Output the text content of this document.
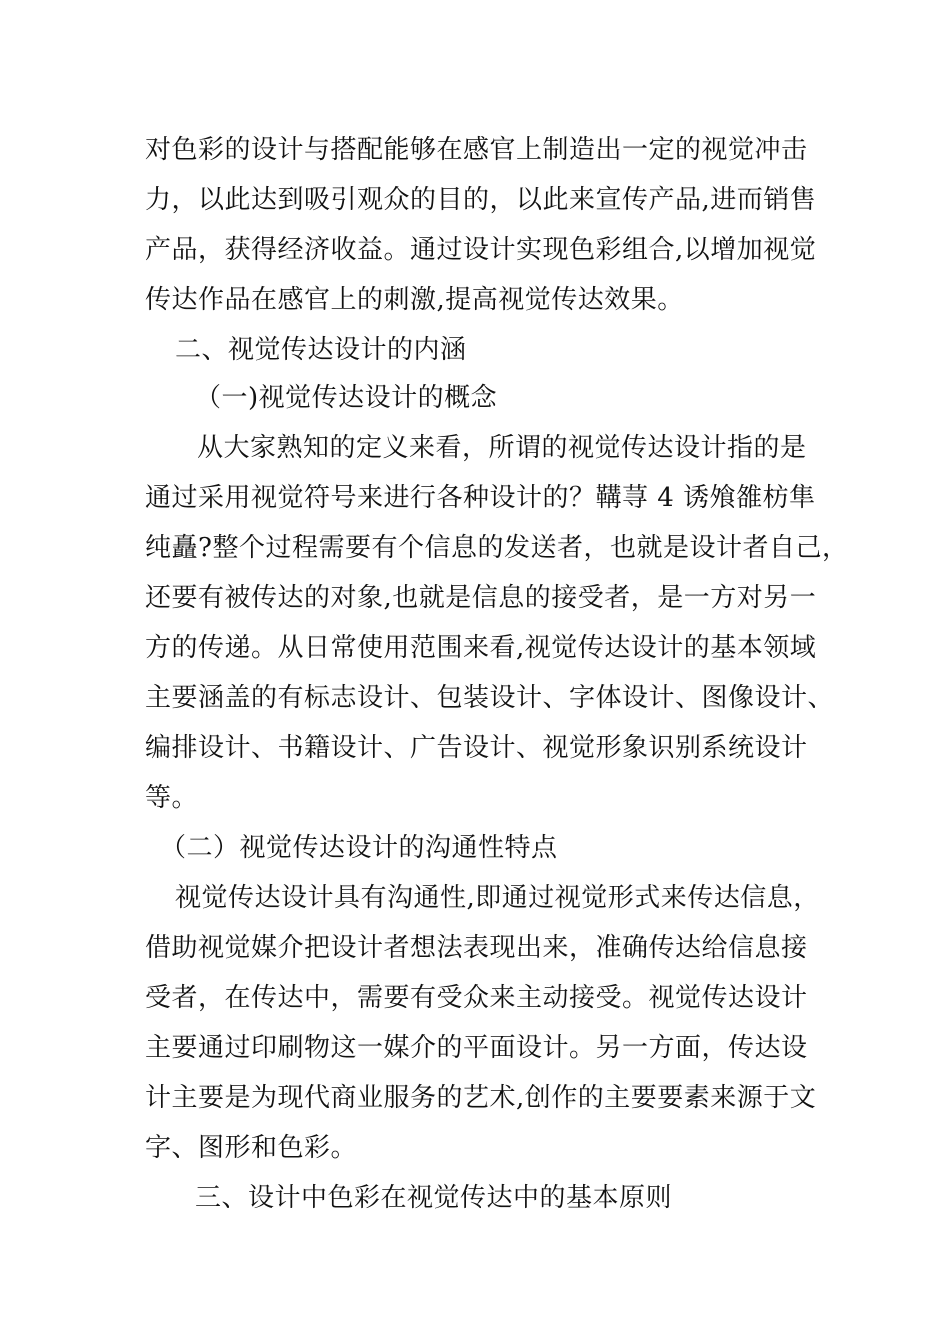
对色彩的设计与搭配能够在感官上制造出一定的视觉冲击
力，以此达到吸引观众的目的，以此来宣传产品,进而销售
产品，获得经济收益。通过设计实现色彩组合,以增加视觉
传达作品在感官上的刺激,提高视觉传达效果。
二、视觉传达设计的内涵
（一)视觉传达设计的概念
从大家熟知的定义来看，所谓的视觉传达设计指的是
通过采用视觉符号来进行各种设计的？鞲荨 4 诱飧雒枋隼
纯矗?整个过程需要有个信息的发送者，也就是设计者自己，
还要有被传达的对象,也就是信息的接受者，是一方对另一
方的传递。从日常使用范围来看,视觉传达设计的基本领域
主要涵盖的有标志设计、包装设计、字体设计、图像设计、
编排设计、书籍设计、广告设计、视觉形象识别系统设计
等。
（二）视觉传达设计的沟通性特点
视觉传达设计具有沟通性,即通过视觉形式来传达信息，
借助视觉媒介把设计者想法表现出来，准确传达给信息接
受者，在传达中，需要有受众来主动接受。视觉传达设计
主要通过印刷物这一媒介的平面设计。另一方面，传达设
计主要是为现代商业服务的艺术,创作的主要要素来源于文
字、图形和色彩。
三、设计中色彩在视觉传达中的基本原则
